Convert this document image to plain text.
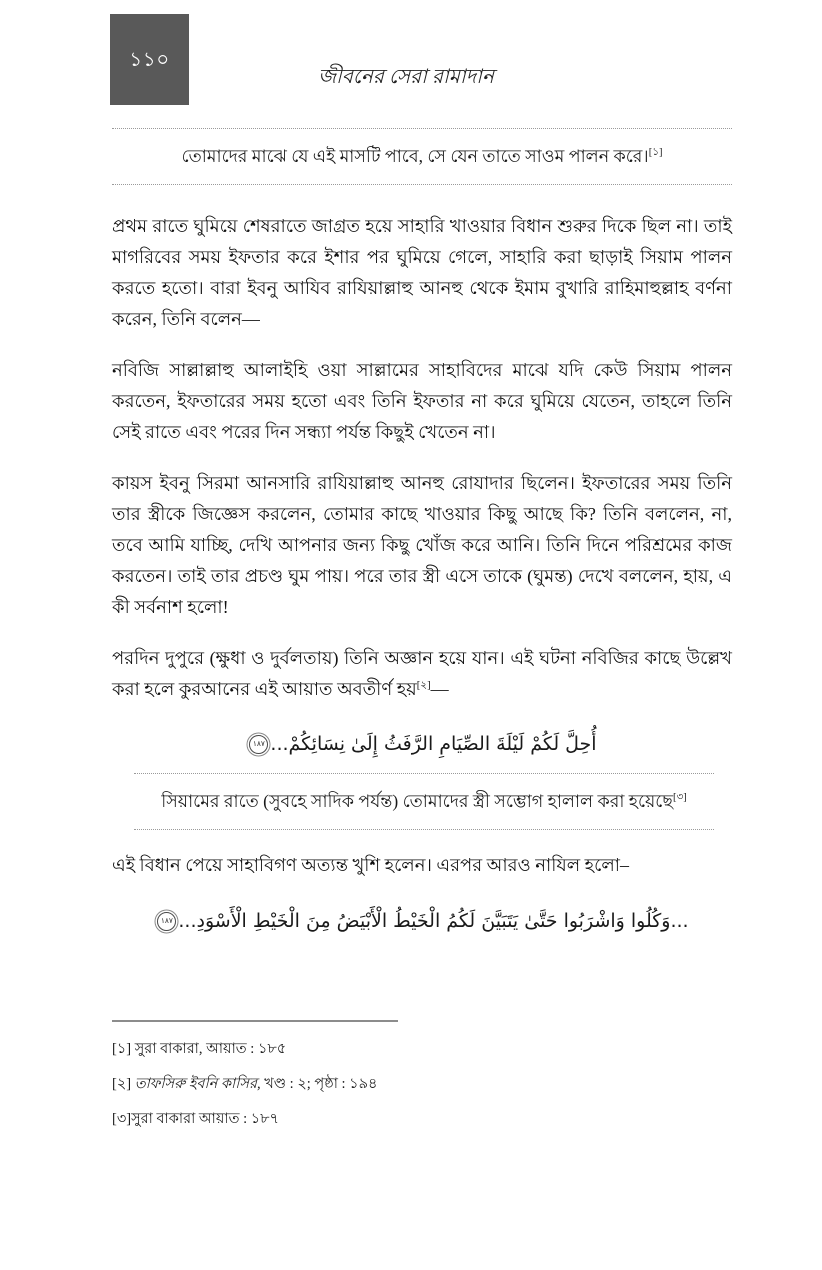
১১০
জীবনের সেরা রামাদান

তোমাদের মাঝে যে এই মাসটি পাবে, সে যেন তাতে সাওম পালন করে।[১]

প্রথম রাতে ঘুমিয়ে শেষরাতে জাগ্রত হয়ে সাহারি খাওয়ার বিধান শুরুর দিকে ছিল না। তাই মাগরিবের সময় ইফতার করে ইশার পর ঘুমিয়ে গেলে, সাহারি করা ছাড়াই সিয়াম পালন করতে হতো। বারা ইবনু আযিব রাযিয়াল্লাহু আনহু থেকে ইমাম বুখারি রাহিমাহুল্লাহ বর্ণনা করেন, তিনি বলেন—

নবিজি সাল্লাল্লাহু আলাইহি ওয়া সাল্লামের সাহাবিদের মাঝে যদি কেউ সিয়াম পালন করতেন, ইফতারের সময় হতো এবং তিনি ইফতার না করে ঘুমিয়ে যেতেন, তাহলে তিনি সেই রাতে এবং পরের দিন সন্ধ্যা পর্যন্ত কিছুই খেতেন না।

কায়স ইবনু সিরমা আনসারি রাযিয়াল্লাহু আনহু রোযাদার ছিলেন। ইফতারের সময় তিনি তার স্ত্রীকে জিজ্ঞেস করলেন, তোমার কাছে খাওয়ার কিছু আছে কি? তিনি বললেন, না, তবে আমি যাচ্ছি, দেখি আপনার জন্য কিছু খোঁজ করে আনি। তিনি দিনে পরিশ্রমের কাজ করতেন। তাই তার প্রচণ্ড ঘুম পায়। পরে তার স্ত্রী এসে তাকে (ঘুমন্ত) দেখে বললেন, হায়, এ কী সর্বনাশ হলো!

পরদিন দুপুরে (ক্ষুধা ও দুর্বলতায়) তিনি অজ্ঞান হয়ে যান। এই ঘটনা নবিজির কাছে উল্লেখ করা হলে কুরআনের এই আয়াত অবতীর্ণ হয়[২]—

أُحِلَّ لَكُمْ لَيْلَةَ الصِّيَامِ الرَّفَثُ إِلَىٰ نِسَائِكُمْ...١٨٧

সিয়ামের রাতে (সুবহে সাদিক পর্যন্ত) তোমাদের স্ত্রী সম্ভোগ হালাল করা হয়েছে[৩]

এই বিধান পেয়ে সাহাবিগণ অত্যন্ত খুশি হলেন। এরপর আরও নাযিল হলো–

...وَكُلُوا وَاشْرَبُوا حَتَّىٰ يَتَبَيَّنَ لَكُمُ الْخَيْطُ الْأَبْيَضُ مِنَ الْخَيْطِ الْأَسْوَدِ...١٨٧

[১] সুরা বাকারা, আয়াত : ১৮৫

[২] তাফসিরু ইবনি কাসির, খণ্ড : ২; পৃষ্ঠা : ১৯৪

[৩]সুরা বাকারা আয়াত : ১৮৭
